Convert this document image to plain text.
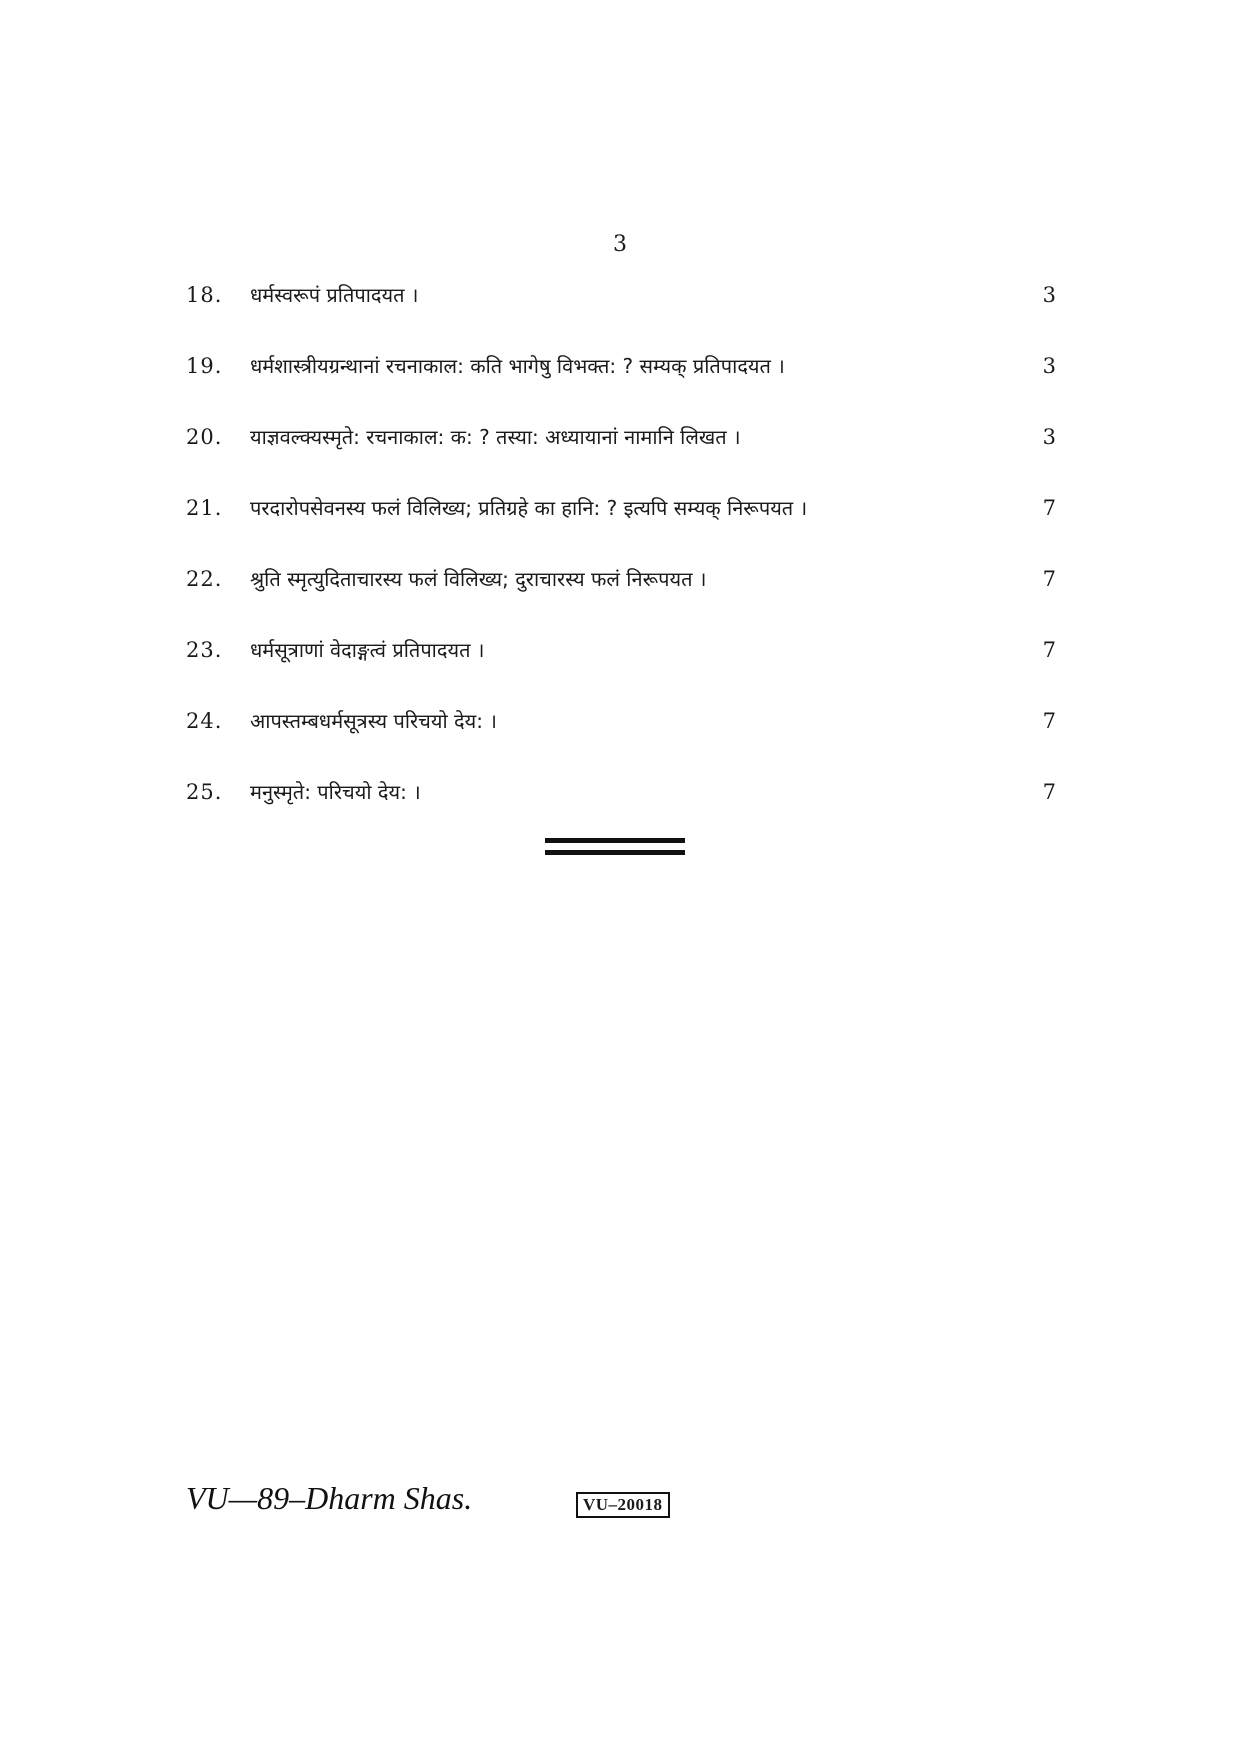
3
18.	धर्मस्वरूपं प्रतिपादयत ।	3
19.	धर्मशास्त्रीयग्रन्थानां रचनाकाल: कति भागेषु विभक्त: ? सम्यक् प्रतिपादयत ।	3
20.	याज्ञवल्क्यस्मृते: रचनाकाल: क: ? तस्या: अध्यायानां नामानि लिखत ।	3
21.	परदारोपसेवनस्य फलं विलिख्य; प्रतिग्रहे का हानि: ? इत्यपि सम्यक् निरूपयत ।	7
22.	श्रुति स्मृत्युदिताचारस्य फलं विलिख्य; दुराचारस्य फलं निरूपयत ।	7
23.	धर्मसूत्राणां वेदाङ्गत्वं प्रतिपादयत ।	7
24.	आपस्तम्बधर्मसूत्रस्य परिचयो देय: ।	7
25.	मनुस्मृते: परिचयो देय: ।	7
VU—89–Dharm Shas.	VU–20018
